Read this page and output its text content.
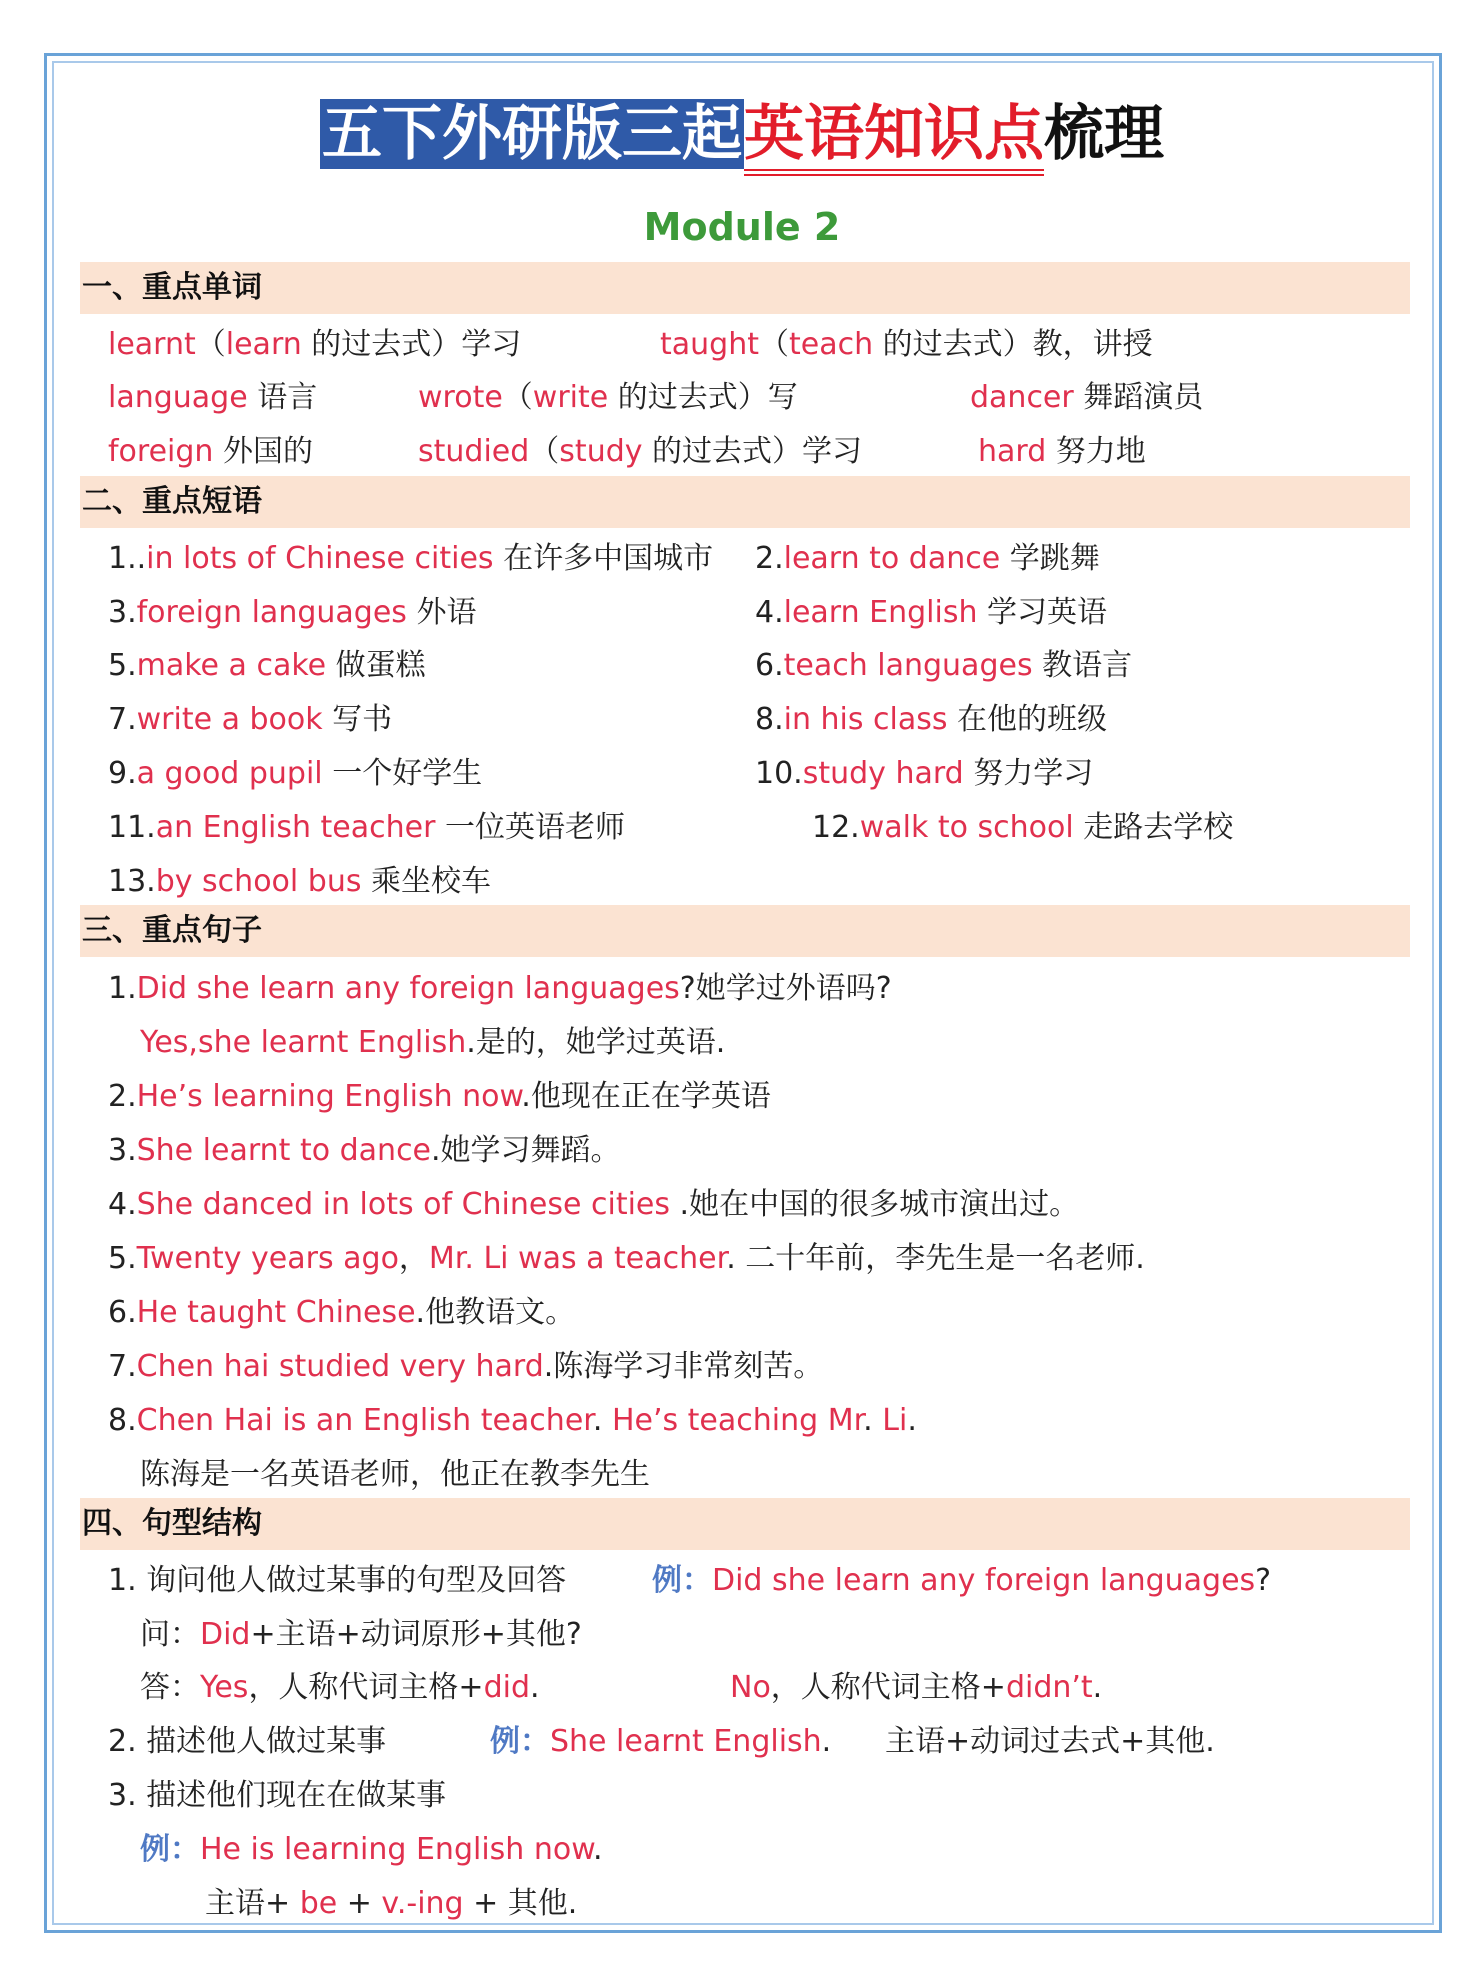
五下外研版三起英语知识点梳理
Module 2
一、重点单词
learnt（learn 的过去式）学习	taught（teach 的过去式）教，讲授
language 语言	wrote（write 的过去式）写	dancer 舞蹈演员
foreign 外国的	studied（study 的过去式）学习	hard 努力地
二、重点短语
1..in lots of Chinese cities 在许多中国城市 2.learn to dance 学跳舞
3.foreign languages 外语	4.learn English 学习英语
5.make a cake 做蛋糕	6.teach languages 教语言
7.write a book 写书	8.in his class 在他的班级
9.a good pupil 一个好学生	10.study hard 努力学习
11.an English teacher 一位英语老师	12.walk to school 走路去学校
13.by school bus 乘坐校车
三、重点句子
1.Did she learn any foreign languages?她学过外语吗?
Yes,she learnt English.是的，她学过英语.
2.He’s learning English now.他现在正在学英语
3.She learnt to dance.她学习舞蹈。
4.She danced in lots of Chinese cities .她在中国的很多城市演出过。
5.Twenty years ago，Mr. Li was a teacher. 二十年前，李先生是一名老师.
6.He taught Chinese.他教语文。
7.Chen hai studied very hard.陈海学习非常刻苦。
8.Chen Hai is an English teacher. He’s teaching Mr. Li.
陈海是一名英语老师，他正在教李先生
四、句型结构
1. 询问他人做过某事的句型及回答	例：Did she learn any foreign languages?
问：Did+主语+动词原形+其他?
答：Yes，人称代词主格+did.	No，人称代词主格+didn’t.
2. 描述他人做过某事	例：She learnt English. 主语+动词过去式+其他.
3. 描述他们现在在做某事
例：He is learning English now.
主语+ be + v.-ing + 其他.
